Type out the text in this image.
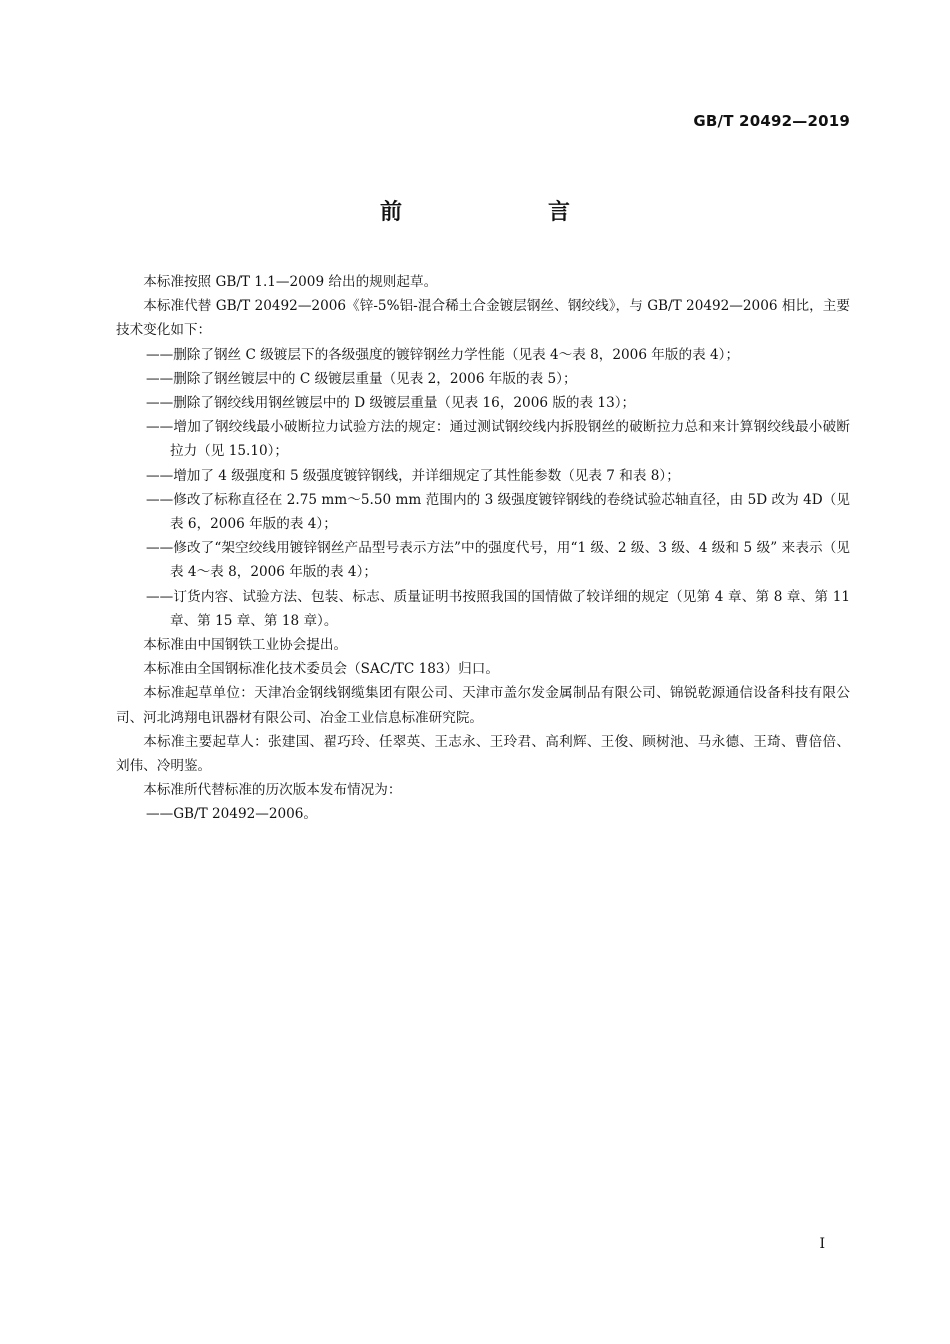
GB/T 20492—2019
前　言

本标准按照 GB/T 1.1—2009 给出的规则起草。

本标准代替 GB/T 20492—2006《锌-5%铝-混合稀土合金镀层钢丝、钢绞线》，与 GB/T 20492—2006 相比，主要技术变化如下：

——删除了钢丝 C 级镀层下的各级强度的镀锌钢丝力学性能（见表 4～表 8，2006 年版的表 4）；

——删除了钢丝镀层中的 C 级镀层重量（见表 2，2006 年版的表 5）；

——删除了钢绞线用钢丝镀层中的 D 级镀层重量（见表 16，2006 版的表 13）；

——增加了钢绞线最小破断拉力试验方法的规定：通过测试钢绞线内拆股钢丝的破断拉力总和来计算钢绞线最小破断拉力（见 15.10）；

——增加了 4 级强度和 5 级强度镀锌钢线，并详细规定了其性能参数（见表 7 和表 8）；

——修改了标称直径在 2.75 mm～5.50 mm 范围内的 3 级强度镀锌钢线的卷绕试验芯轴直径，由 5D 改为 4D（见表 6，2006 年版的表 4）；

——修改了“架空绞线用镀锌钢丝产品型号表示方法”中的强度代号，用“1 级、2 级、3 级、4 级和 5 级” 来表示（见表 4～表 8，2006 年版的表 4）；

——订货内容、试验方法、包装、标志、质量证明书按照我国的国情做了较详细的规定（见第 4 章、第 8 章、第 11 章、第 15 章、第 18 章）。

本标准由中国钢铁工业协会提出。

本标准由全国钢标准化技术委员会（SAC/TC 183）归口。

本标准起草单位：天津冶金钢线钢缆集团有限公司、天津市盖尔发金属制品有限公司、锦锐乾源通信设备科技有限公司、河北鸿翔电讯器材有限公司、冶金工业信息标准研究院。

本标准主要起草人：张建国、翟巧玲、任翠英、王志永、王玲君、高利辉、王俊、顾树池、马永德、王琦、曹倍倍、刘伟、冷明鉴。

本标准所代替标准的历次版本发布情况为：

——GB/T 20492—2006。

I
